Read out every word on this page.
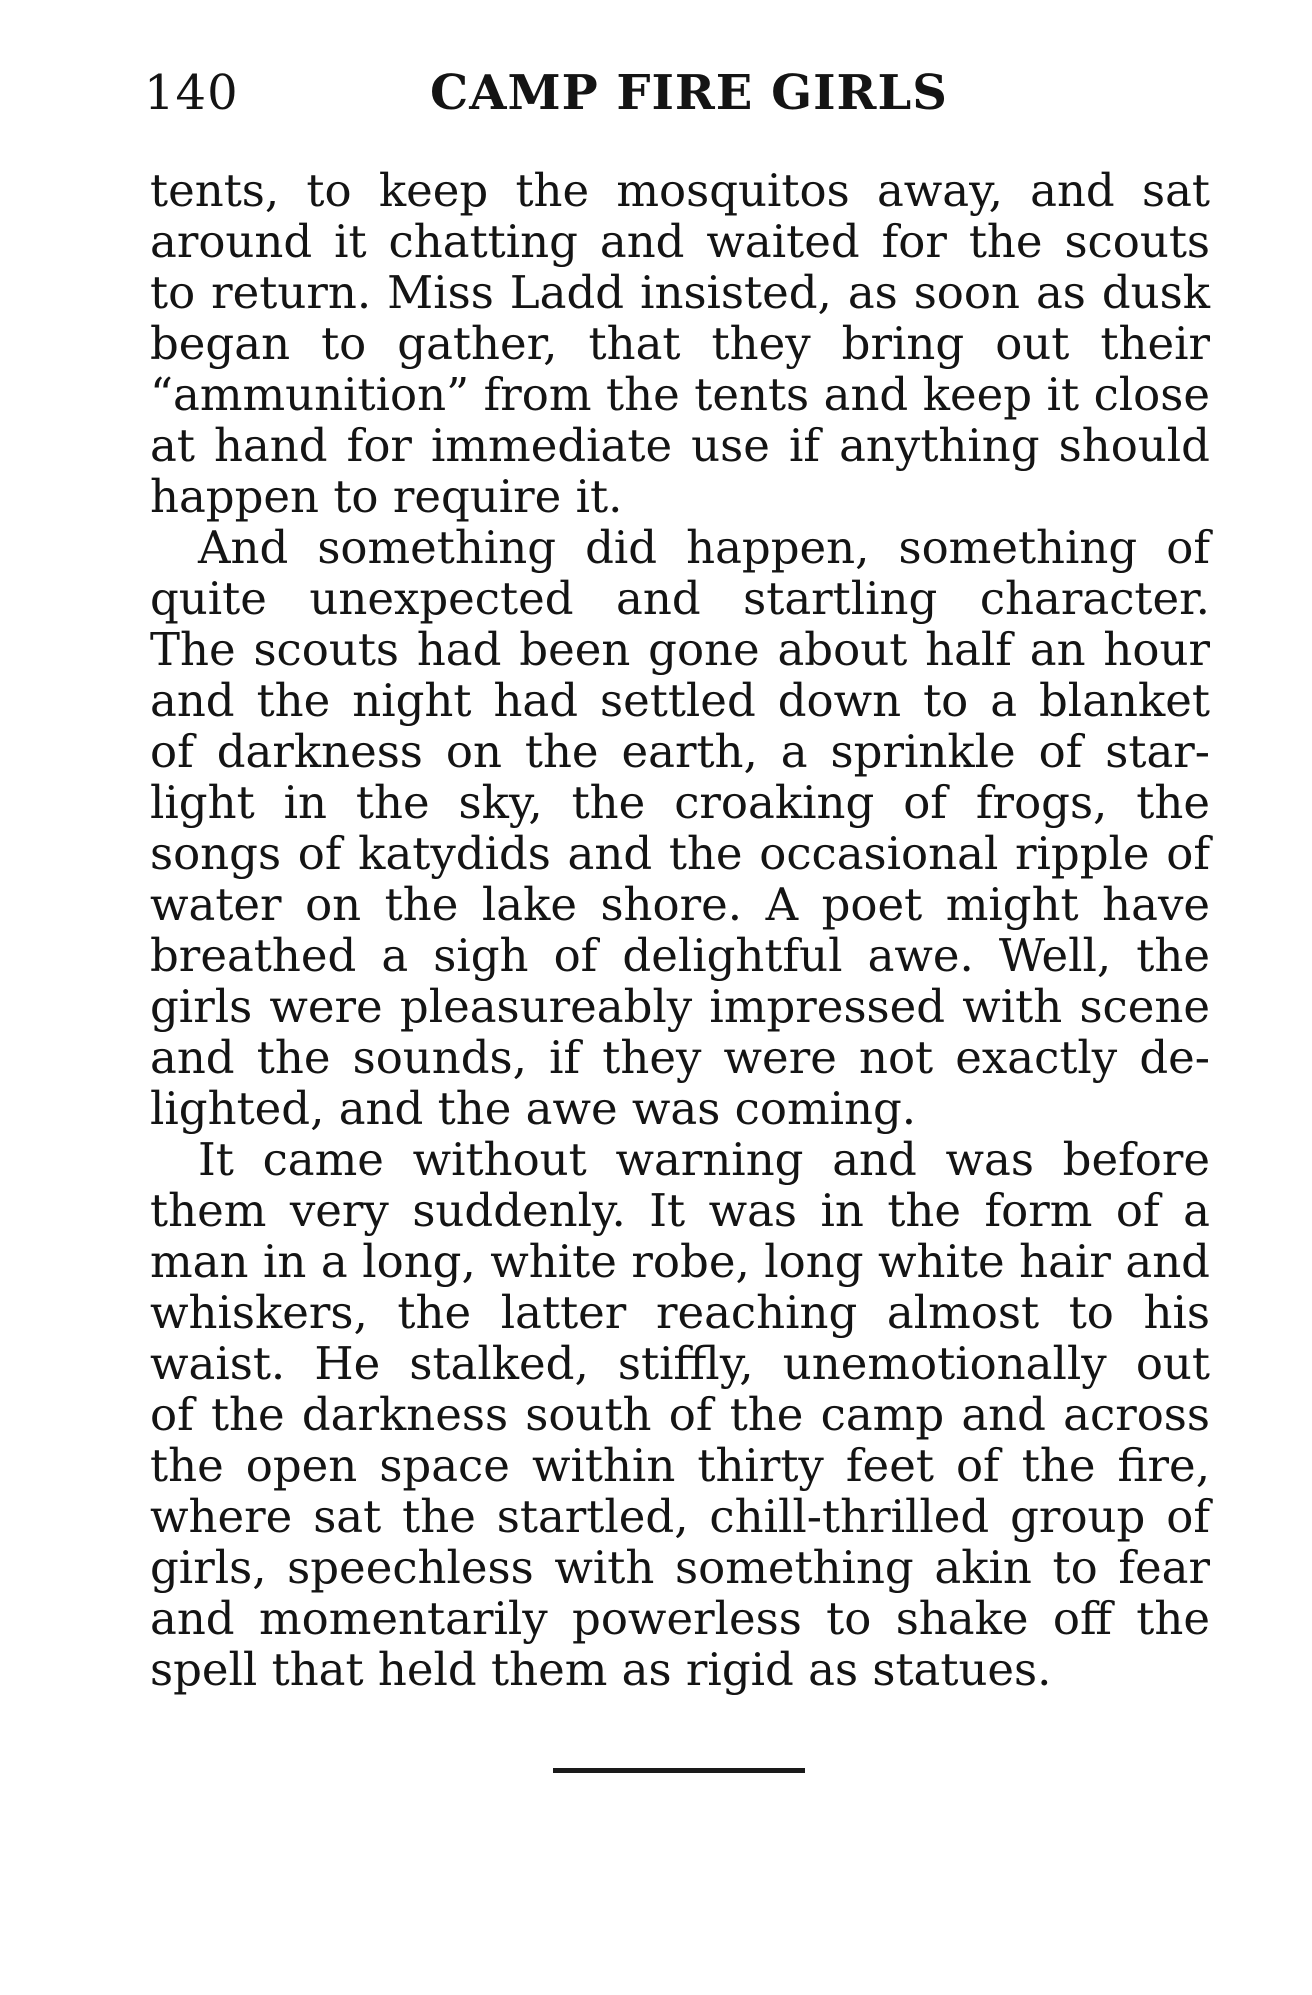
140	CAMP FIRE GIRLS
tents, to keep the mosquitos away, and sat
around it chatting and waited for the scouts
to return. Miss Ladd insisted, as soon as dusk
began to gather, that they bring out their
“ammunition” from the tents and keep it close
at hand for immediate use if anything should
happen to require it.
And something did happen, something of
quite unexpected and startling character.
The scouts had been gone about half an hour
and the night had settled down to a blanket
of darkness on the earth, a sprinkle of star-
light in the sky, the croaking of frogs, the
songs of katydids and the occasional ripple of
water on the lake shore. A poet might have
breathed a sigh of delightful awe. Well, the
girls were pleasureably impressed with scene
and the sounds, if they were not exactly de-
lighted, and the awe was coming.
It came without warning and was before
them very suddenly. It was in the form of a
man in a long, white robe, long white hair and
whiskers, the latter reaching almost to his
waist. He stalked, stiffly, unemotionally out
of the darkness south of the camp and across
the open space within thirty feet of the fire,
where sat the startled, chill-thrilled group of
girls, speechless with something akin to fear
and momentarily powerless to shake off the
spell that held them as rigid as statues.
